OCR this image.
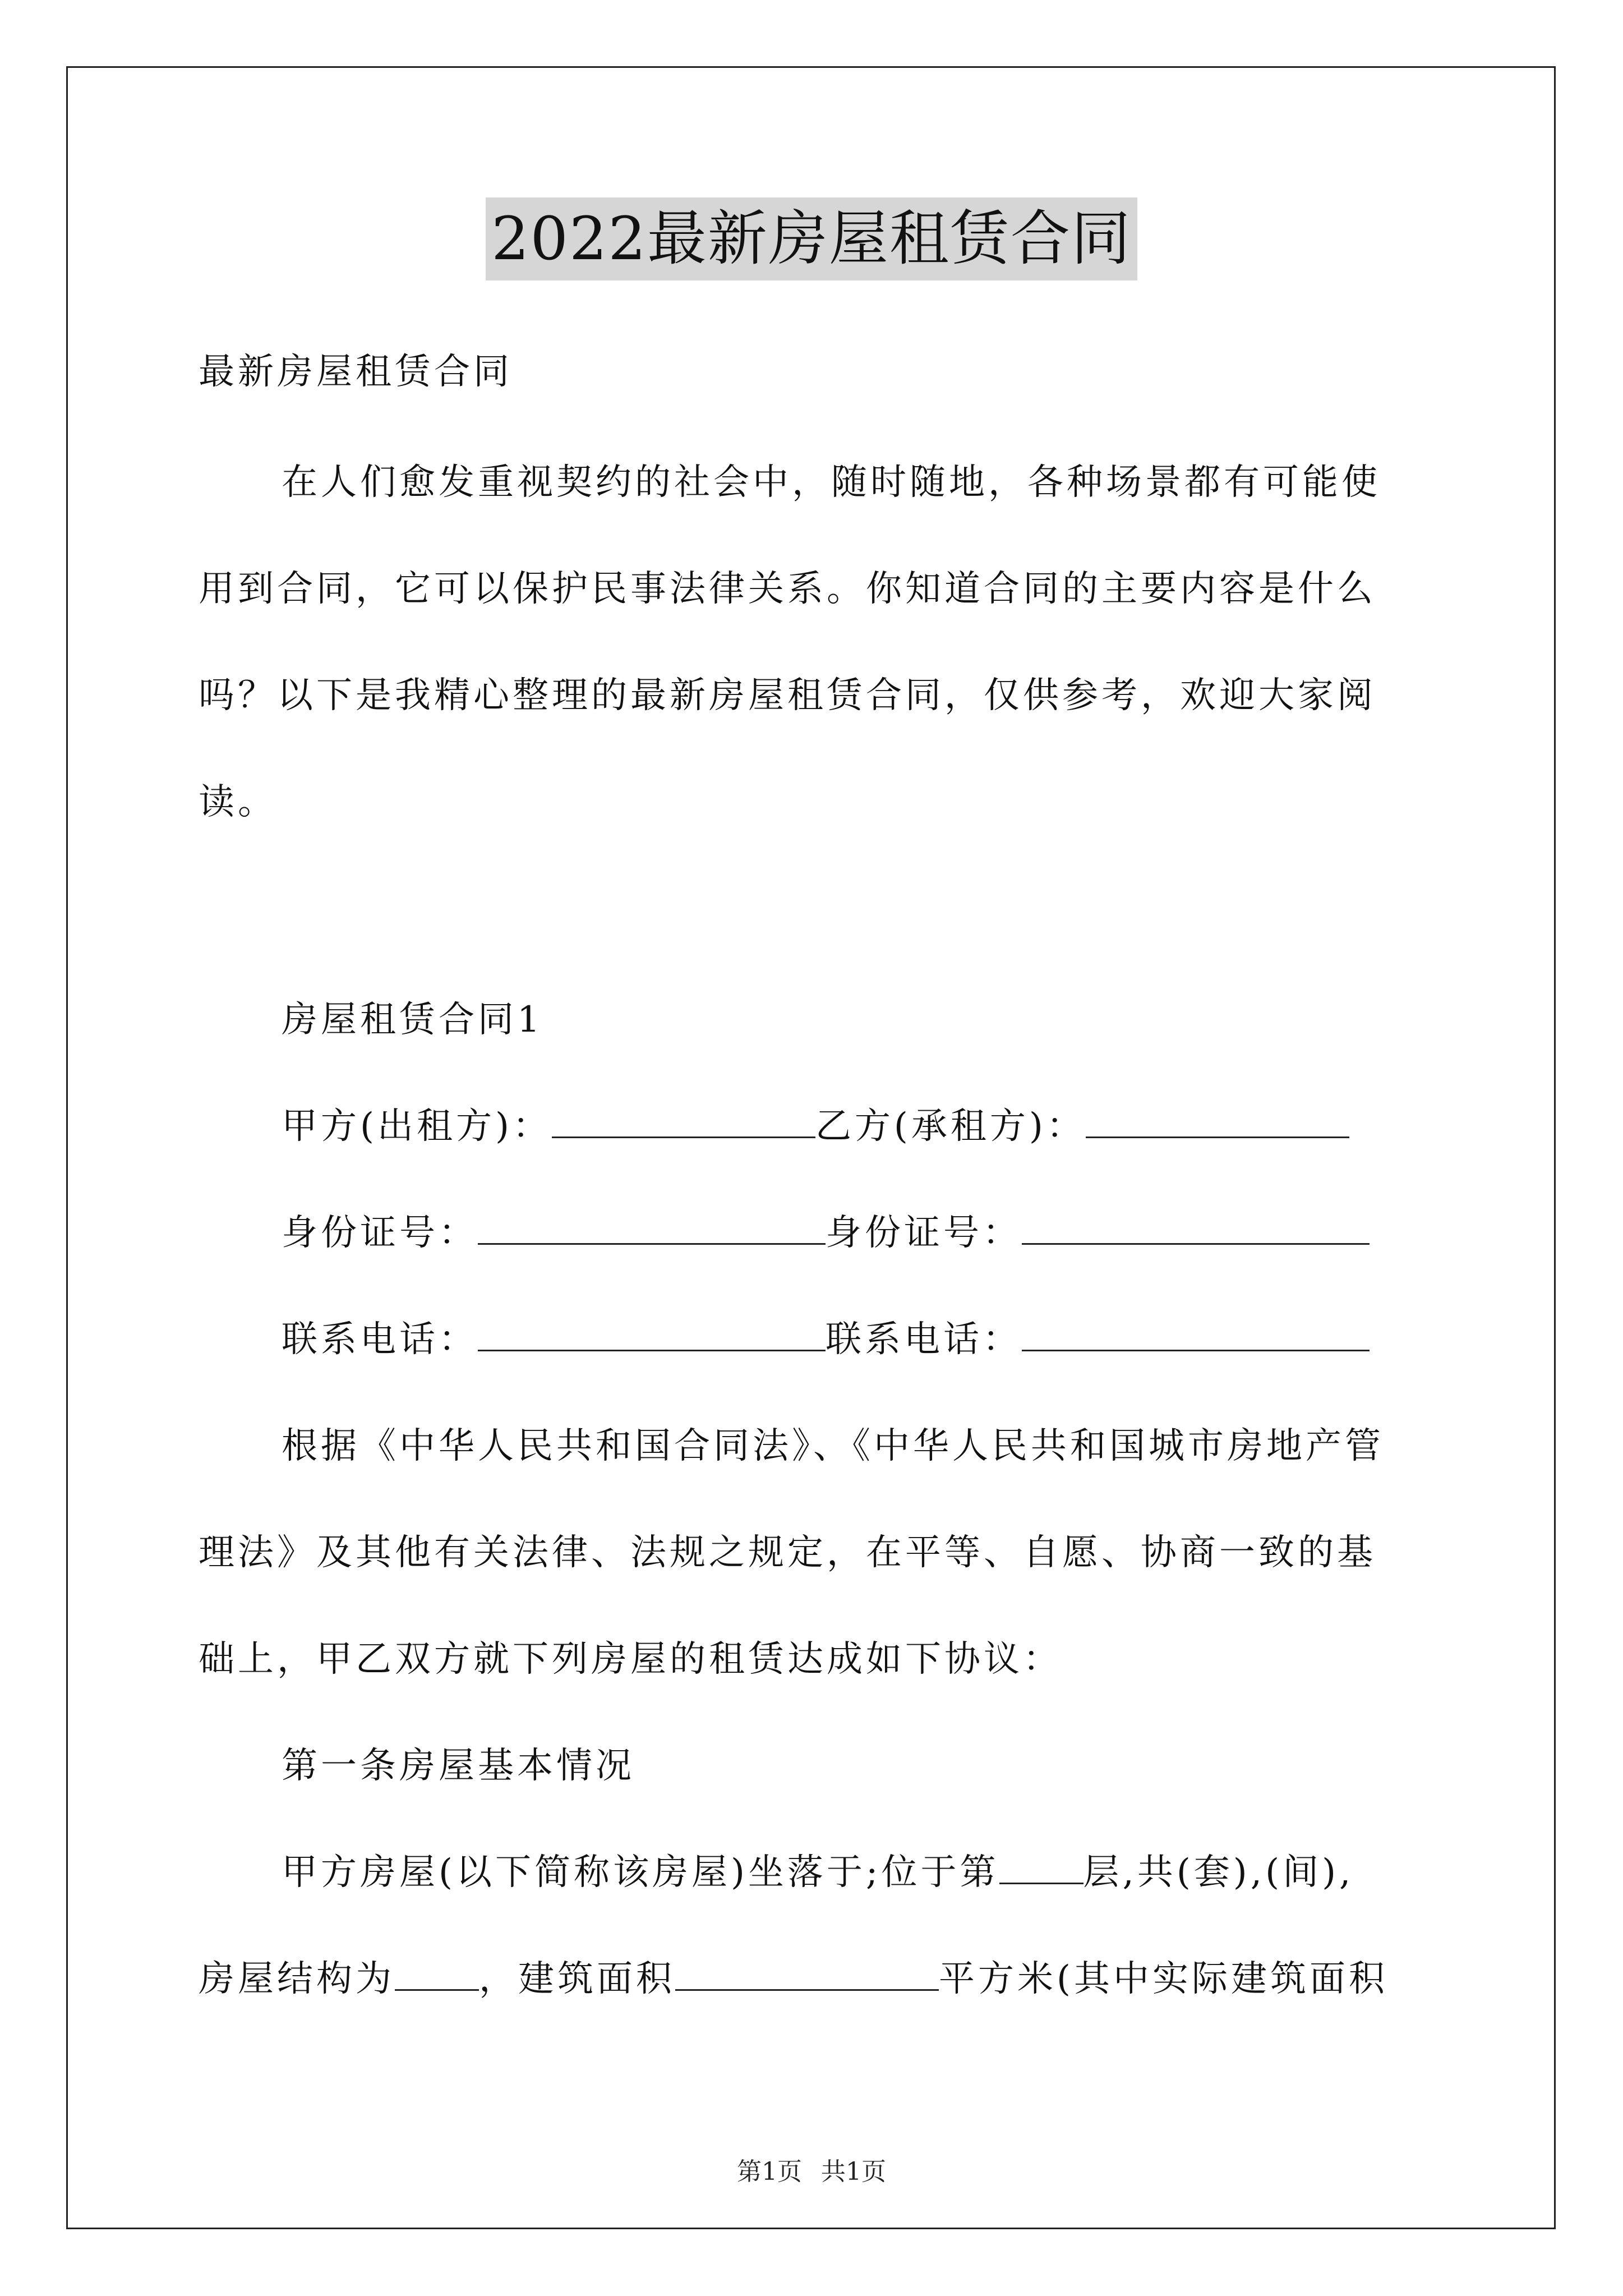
2022最新房屋租赁合同
最新房屋租赁合同
在人们愈发重视契约的社会中，随时随地，各种场景都有可能使
用到合同，它可以保护民事法律关系。你知道合同的主要内容是什么
吗？以下是我精心整理的最新房屋租赁合同，仅供参考，欢迎大家阅
读。
房屋租赁合同1
甲方(出租方)：	乙方(承租方)：
身份证号：	身份证号：
联系电话：	联系电话：
根据《中华人民共和国合同法》、《中华人民共和国城市房地产管
理法》及其他有关法律、法规之规定，在平等、自愿、协商一致的基
础上，甲乙双方就下列房屋的租赁达成如下协议：
第一条房屋基本情况
甲方房屋(以下简称该房屋)坐落于;位于第 层,共(套),(间),
房屋结构为 ，建筑面积	平方米(其中实际建筑面积
第1页 共1页
